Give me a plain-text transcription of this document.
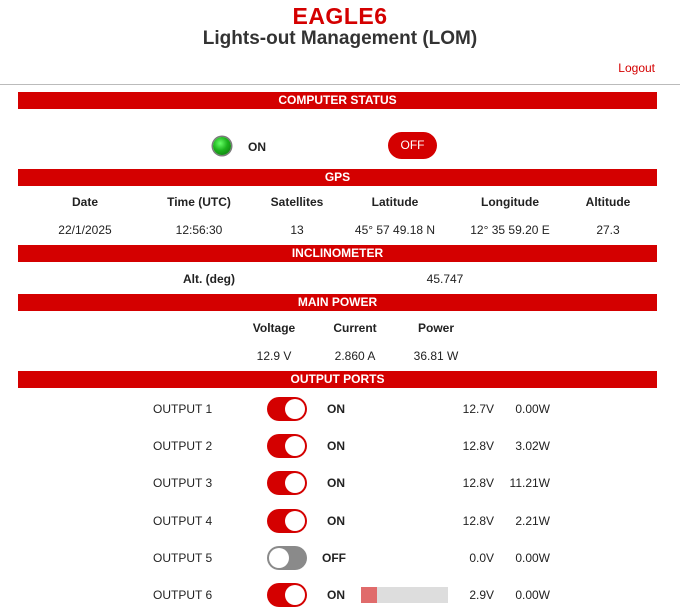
EAGLE6
Lights-out Management (LOM)
Logout
COMPUTER STATUS
ON	OFF
GPS
Date	Time (UTC)	Satellites	Latitude	Longitude	Altitude
22/1/2025	12:56:30	13	45° 57 49.18 N	12° 35 59.20 E	27.3
INCLINOMETER
Alt. (deg)	45.747
MAIN POWER
Voltage	Current	Power
12.9 V	2.860 A	36.81 W
OUTPUT PORTS
OUTPUT 1	ON	12.7V 0.00W
OUTPUT 2	ON	12.8V 3.02W
OUTPUT 3	ON	12.8V 11.21W
OUTPUT 4	ON	12.8V 2.21W
OUTPUT 5	OFF	0.0V 0.00W
OUTPUT 6	ON	2.9V 0.00W
